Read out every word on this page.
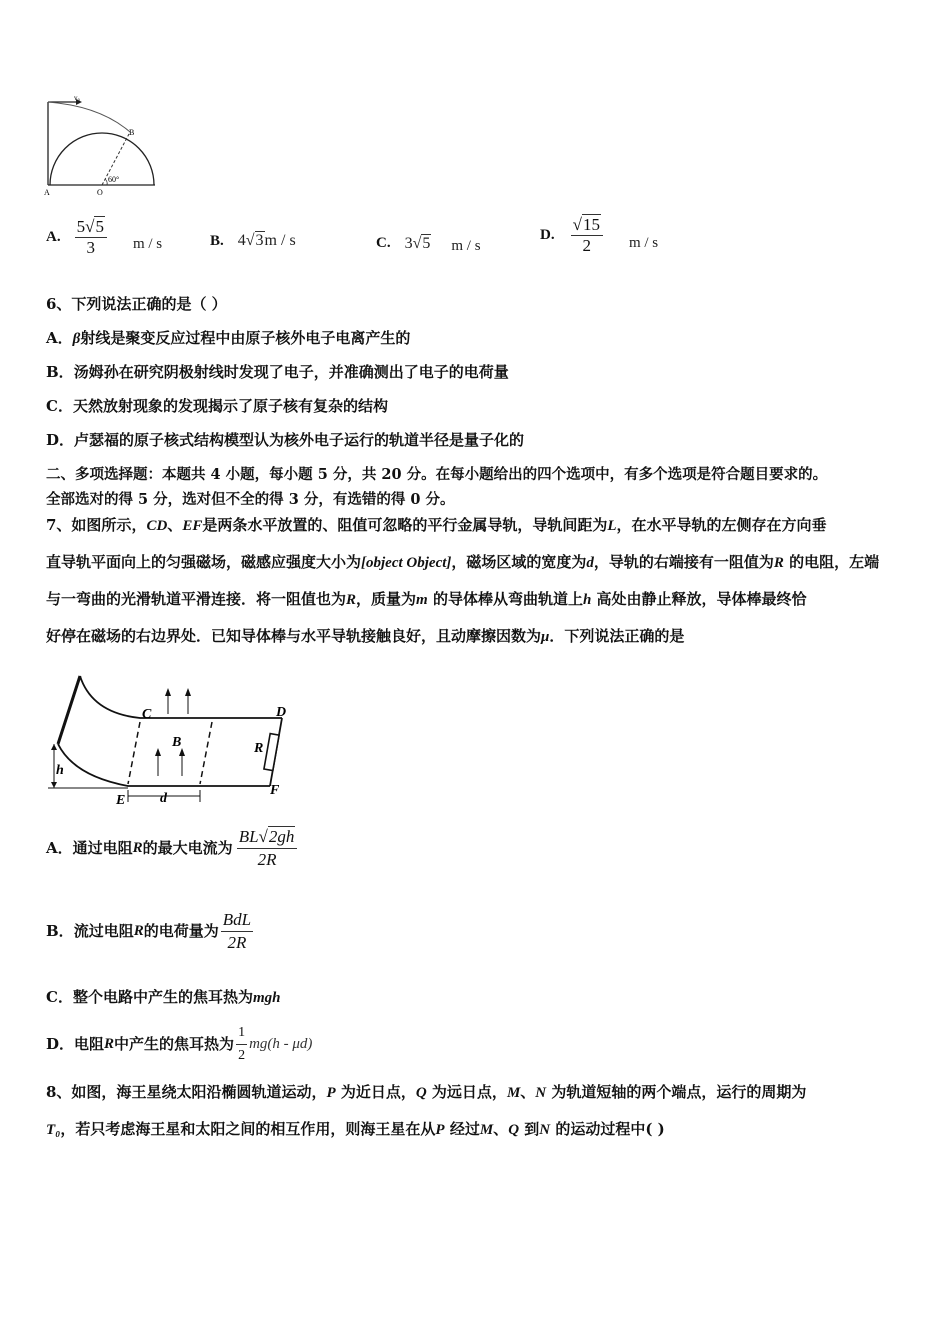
v₀
B
A	O
60°
A. $\frac{5√5}{3}$ m / s	B. 4√3m / s	C. 3√5 m / s
D. $\frac{√15}{2}$ m / s
6、下列说法正确的是（ ）
A．β射线是聚变反应过程中由原子核外电子电离产生的
B．汤姆孙在研究阴极射线时发现了电子，并准确测出了电子的电荷量
C．天然放射现象的发现揭示了原子核有复杂的结构
D．卢瑟福的原子核式结构模型认为核外电子运行的轨道半径是量子化的
二、多项选择题：本题共 4 小题，每小题 5 分，共 20 分。在每小题给出的四个选项中，有多个选项是符合题目要求的。
全部选对的得 5 分，选对但不全的得 3 分，有选错的得 0 分。
7、如图所示，CD、EF是两条水平放置的、阻值可忽略的平行金属导轨，导轨间距为L，在水平导轨的左侧存在方向垂
直导轨平面向上的匀强磁场，磁感应强度大小为[object Object]，磁场区域的宽度为d，导轨的右端接有一阻值为R 的电阻，左端
与一弯曲的光滑轨道平滑连接．将一阻值也为R，质量为m 的导体棒从弯曲轨道上h 高处由静止释放，导体棒最终恰
好停在磁场的右边界处．已知导体棒与水平导轨接触良好，且动摩擦因数为μ．下列说法正确的是
C	D
B	R
h
E d
F
A． 通过电阻 R 的最大电流为 $\frac{BL√2gh}{2R}$
B． 流过电阻 R 的电荷量为 $\frac{\text{BdL}}{2R}$
C．整个电路中产生的焦耳热为mgh
D． 电阻 R 中产生的焦耳热为 $\frac{1}{2} mg(h - \mu d)$
8、如图，海王星绕太阳沿椭圆轨道运动，P 为近日点，Q 为远日点，M、N 为轨道短轴的两个端点，运行的周期为
T₀，若只考虑海王星和太阳之间的相互作用，则海王星在从P 经过M、Q 到N 的运动过程中( )
